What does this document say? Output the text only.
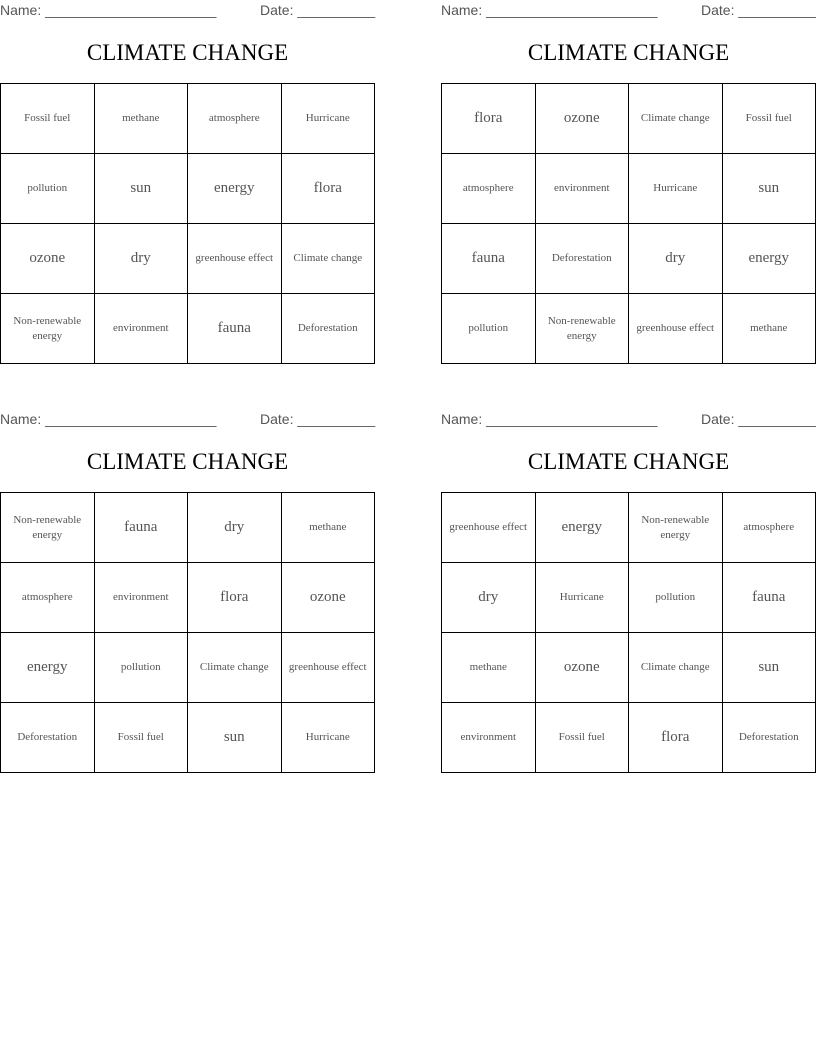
Name: ______________________	Date: __________
CLIMATE CHANGE
Fossil fuel	methane	atmosphere	Hurricane
pollution	sun	energy	flora
ozone	dry	greenhouse effect	Climate change
Non-renewable energy	environment	fauna	Deforestation
Name: ______________________	Date: __________
CLIMATE CHANGE
flora	ozone	Climate change	Fossil fuel
atmosphere	environment	Hurricane	sun
fauna	Deforestation	dry	energy
pollution	Non-renewable energy	greenhouse effect	methane
Name: ______________________	Date: __________
CLIMATE CHANGE
Non-renewable energy	fauna	dry	methane
atmosphere	environment	flora	ozone
energy	pollution	Climate change	greenhouse effect
Deforestation	Fossil fuel	sun	Hurricane
Name: ______________________	Date: __________
CLIMATE CHANGE
greenhouse effect	energy	Non-renewable energy	atmosphere
dry	Hurricane	pollution	fauna
methane	ozone	Climate change	sun
environment	Fossil fuel	flora	Deforestation
